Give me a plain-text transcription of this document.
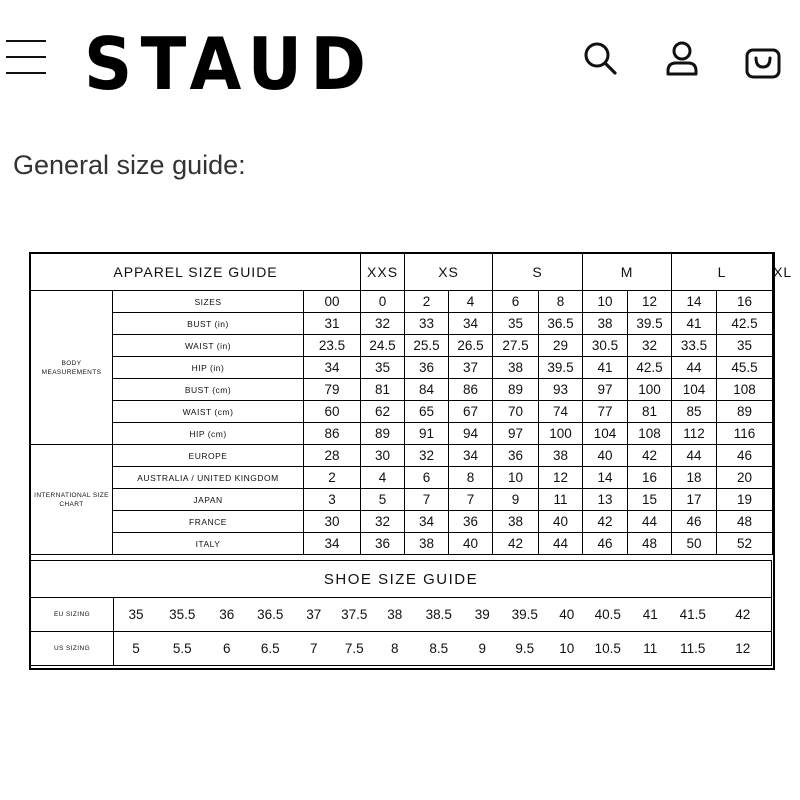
STAUD
General size guide:
APPAREL SIZE GUIDE			XXS	XS		S		M		L		XL
BODY MEASUREMENTS	SIZES	00	0	2	4	6	8	10	12	14	16	
	BUST (in)	31	32	33	34	35	36.5	38	39.5	41	42.5	
	WAIST (in)	23.5	24.5	25.5	26.5	27.5	29	30.5	32	33.5	35	
	HIP (in)	34	35	36	37	38	39.5	41	42.5	44	45.5	
	BUST (cm)	79	81	84	86	89	93	97	100	104	108	
	WAIST (cm)	60	62	65	67	70	74	77	81	85	89	
	HIP (cm)	86	89	91	94	97	100	104	108	112	116	
INTERNATIONAL SIZE CHART	EUROPE	28	30	32	34	36	38	40	42	44	46	
	AUSTRALIA / UNITED KINGDOM	2	4	6	8	10	12	14	16	18	20	
	JAPAN	3	5	7	7	9	11	13	15	17	19	
	FRANCE	30	32	34	36	38	40	42	44	46	48	
	ITALY	34	36	38	40	42	44	46	48	50	52	
SHOE SIZE GUIDE															
EU SIZING	35	35.5	36	36.5	37	37.5	38	38.5	39	39.5	40	40.5	41	41.5	42
US SIZING	5	5.5	6	6.5	7	7.5	8	8.5	9	9.5	10	10.5	11	11.5	12
